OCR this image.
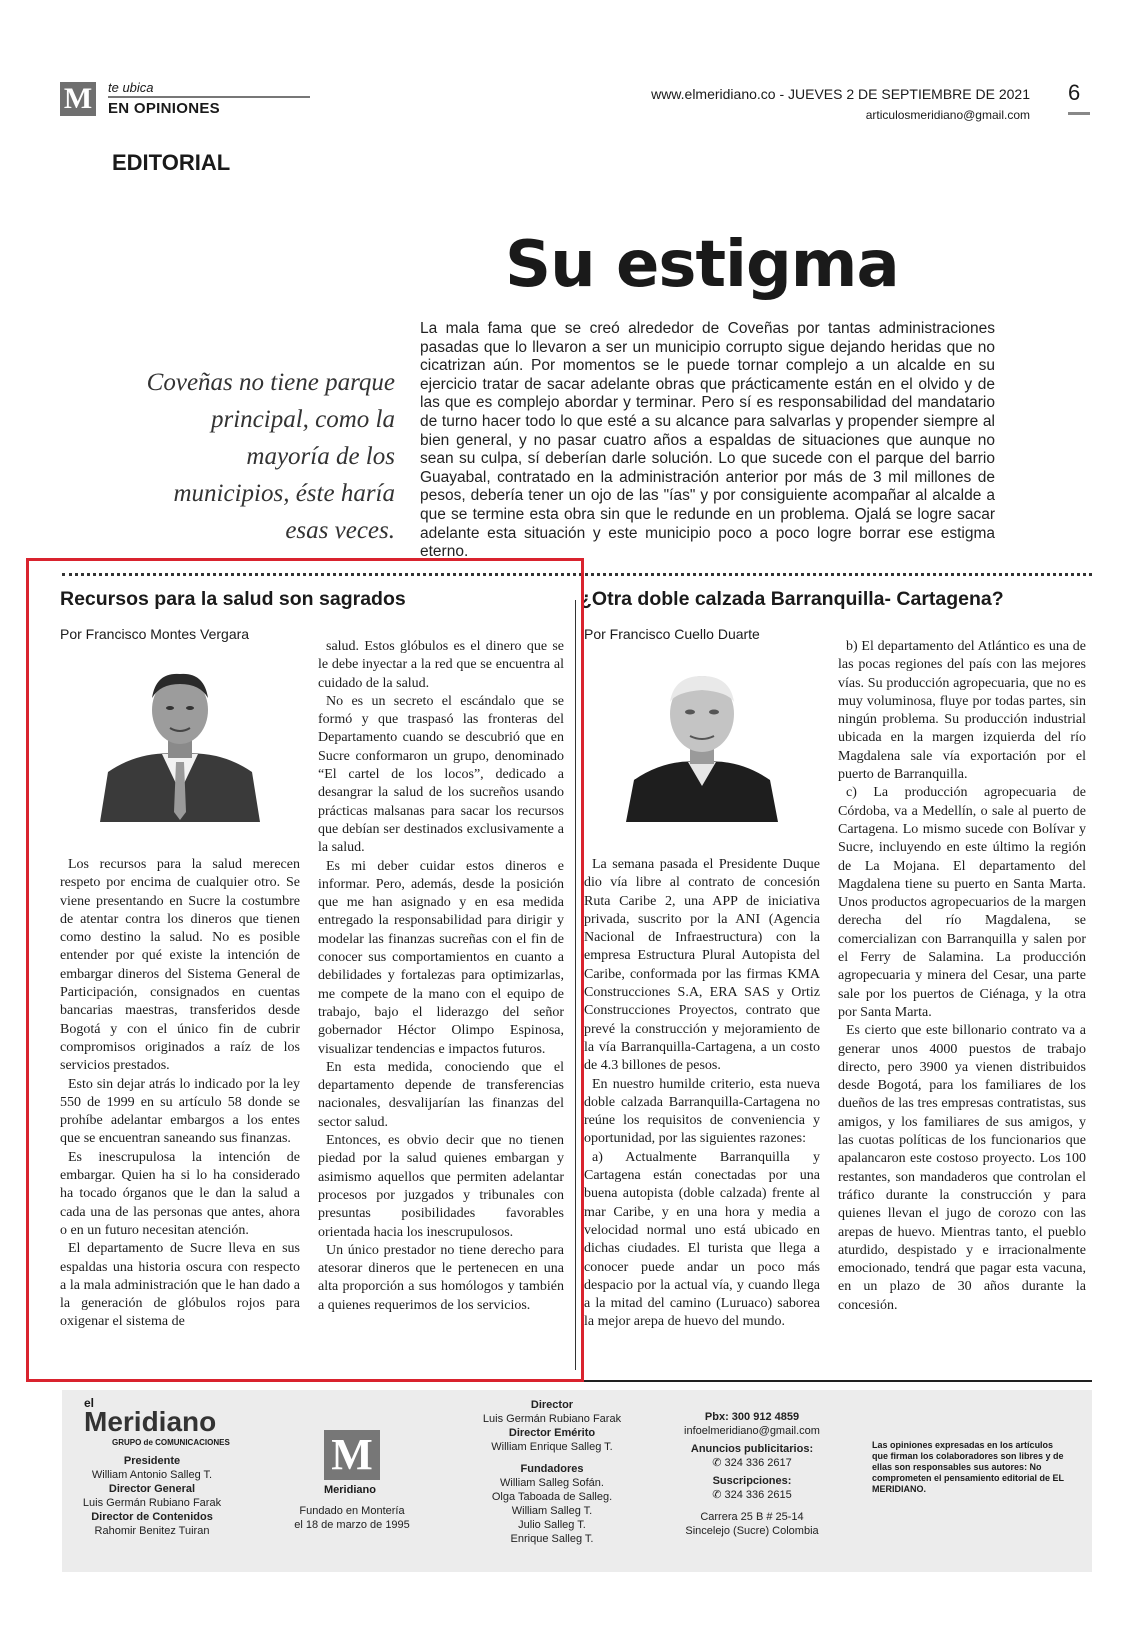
M te ubica
EN OPINIONES
EDITORIAL
www.elmeridiano.co - JUEVES 2 DE SEPTIEMBRE DE 2021
articulosmeridiano@gmail.com
6
Su estigma
Coveñas no tiene parque principal, como la mayoría de los municipios, éste haría esas veces.
La mala fama que se creó alrededor de Coveñas por tantas administraciones pasadas que lo llevaron a ser un municipio corrupto sigue dejando heridas que no cicatrizan aún. Por momentos se le puede tornar complejo a un alcalde en su ejercicio tratar de sacar adelante obras que prácticamente están en el olvido y de las que es complejo abordar y terminar. Pero sí es responsabilidad del mandatario de turno hacer todo lo que esté a su alcance para salvarlas y propender siempre al bien general, y no pasar cuatro años a espaldas de situaciones que aunque no sean su culpa, sí deberían darle solución. Lo que sucede con el parque del barrio Guayabal, contratado en la administración anterior por más de 3 mil millones de pesos, debería tener un ojo de las "ías" y por consiguiente acompañar al alcalde a que se termine esta obra sin que le redunde en un problema. Ojalá se logre sacar adelante esta situación y este municipio poco a poco logre borrar ese estigma eterno.
Recursos para la salud son sagrados
Por Francisco Montes Vergara

Los recursos para la salud merecen respeto por encima de cualquier otro. Se viene presentando en Sucre la costumbre de atentar contra los dineros que tienen como destino la salud. No es posible entender por qué existe la intención de embargar dineros del Sistema General de Participación, consignados en cuentas bancarias maestras, transferidos desde Bogotá y con el único fin de cubrir compromisos originados a raíz de los servicios prestados.

Esto sin dejar atrás lo indicado por la ley 550 de 1999 en su artículo 58 donde se prohíbe adelantar embargos a los entes que se encuentran saneando sus finanzas.

Es inescrupulosa la intención de embargar. Quien ha si lo ha considerado ha tocado órganos que le dan la salud a cada una de las personas que antes, ahora o en un futuro necesitan atención.

El departamento de Sucre lleva en sus espaldas una historia oscura con respecto a la mala administración que le han dado a la generación de glóbulos rojos para oxigenar el sistema de

salud. Estos glóbulos es el dinero que se le debe inyectar a la red que se encuentra al cuidado de la salud.

No es un secreto el escándalo que se formó y que traspasó las fronteras del Departamento cuando se descubrió que en Sucre conformaron un grupo, denominado “El cartel de los locos”, dedicado a desangrar la salud de los sucreños usando prácticas malsanas para sacar los recursos que debían ser destinados exclusivamente a la salud.

Es mi deber cuidar estos dineros e informar. Pero, además, desde la posición que me han asignado y en esa medida entregado la responsabilidad para dirigir y modelar las finanzas sucreñas con el fin de conocer sus comportamientos en cuanto a debilidades y fortalezas para optimizarlas, me compete de la mano con el equipo de trabajo, bajo el liderazgo del señor gobernador Héctor Olimpo Espinosa, visualizar tendencias e impactos futuros.

En esta medida, conociendo que el departamento depende de transferencias nacionales, desvalijarían las finanzas del sector salud.

Entonces, es obvio decir que no tienen piedad por la salud quienes embargan y asimismo aquellos que permiten adelantar procesos por juzgados y tribunales con presuntas posibilidades favorables orientada hacia los inescrupulosos.

Un único prestador no tiene derecho para atesorar dineros que le pertenecen en una alta proporción a sus homólogos y también a quienes requerimos de los servicios.

¿Otra doble calzada Barranquilla- Cartagena?
Por Francisco Cuello Duarte

La semana pasada el Presidente Duque dio vía libre al contrato de concesión Ruta Caribe 2, una APP de iniciativa privada, suscrito por la ANI (Agencia Nacional de Infraestructura) con la empresa Estructura Plural Autopista del Caribe, conformada por las firmas KMA Construcciones S.A, ERA SAS y Ortiz Construcciones Proyectos, contrato que prevé la construcción y mejoramiento de la vía Barranquilla-Cartagena, a un costo de 4.3 billones de pesos.

En nuestro humilde criterio, esta nueva doble calzada Barranquilla-Cartagena no reúne los requisitos de conveniencia y oportunidad, por las siguientes razones:

a) Actualmente Barranquilla y Cartagena están conectadas por una buena autopista (doble calzada) frente al mar Caribe, y en una hora y media a velocidad normal uno está ubicado en dichas ciudades. El turista que llega a conocer puede andar un poco más despacio por la actual vía, y cuando llega a la mitad del camino (Luruaco) saborea la mejor arepa de huevo del mundo.

b) El departamento del Atlántico es una de las pocas regiones del país con las mejores vías. Su producción agropecuaria, que no es muy voluminosa, fluye por todas partes, sin ningún problema. Su producción industrial ubicada en la margen izquierda del río Magdalena sale vía exportación por el puerto de Barranquilla.

c) La producción agropecuaria de Córdoba, va a Medellín, o sale al puerto de Cartagena. Lo mismo sucede con Bolívar y Sucre, incluyendo en este último la región de La Mojana. El departamento del Magdalena tiene su puerto en Santa Marta. Unos productos agropecuarios de la margen derecha del río Magdalena, se comercializan con Barranquilla y salen por el Ferry de Salamina. La producción agropecuaria y minera del Cesar, una parte sale por los puertos de Ciénaga, y la otra por Santa Marta.

Es cierto que este billonario contrato va a generar unos 4000 puestos de trabajo directo, pero 3900 ya vienen distribuidos desde Bogotá, para los familiares de los dueños de las tres empresas contratistas, sus amigos, y los familiares de sus amigos, y las cuotas políticas de los funcionarios que apalancaron este costoso proyecto. Los 100 restantes, son mandaderos que controlan el tráfico durante la construcción y para quienes llevan el jugo de corozo con las arepas de huevo. Mientras tanto, el pueblo aturdido, despistado y e irracionalmente emocionado, tendrá que pagar esta vacuna, en un plazo de 30 años durante la concesión.

el
Meridiano
GRUPO de COMUNICACIONES
Presidente
William Antonio Salleg T.
Director General
Luis Germán Rubiano Farak
Director de Contenidos
Rahomir Benitez Tuiran
M
Meridiano
Fundado en Montería
el 18 de marzo de 1995
Director
Luis Germán Rubiano Farak
Director Emérito
William Enrique Salleg T.
Fundadores
William Salleg Sofán.
Olga Taboada de Salleg.
William Salleg T.
Julio Salleg T.
Enrique Salleg T.
Pbx: 300 912 4859
infoelmeridiano@gmail.com
Anuncios publicitarios:
✆ 324 336 2617
Suscripciones:
✆ 324 336 2615
Carrera 25 B # 25-14
Sincelejo (Sucre) Colombia
Las opiniones expresadas en los artículos que firman los colaboradores son libres y de ellas son responsables sus autores: No comprometen el pensamiento editorial de EL MERIDIANO.
